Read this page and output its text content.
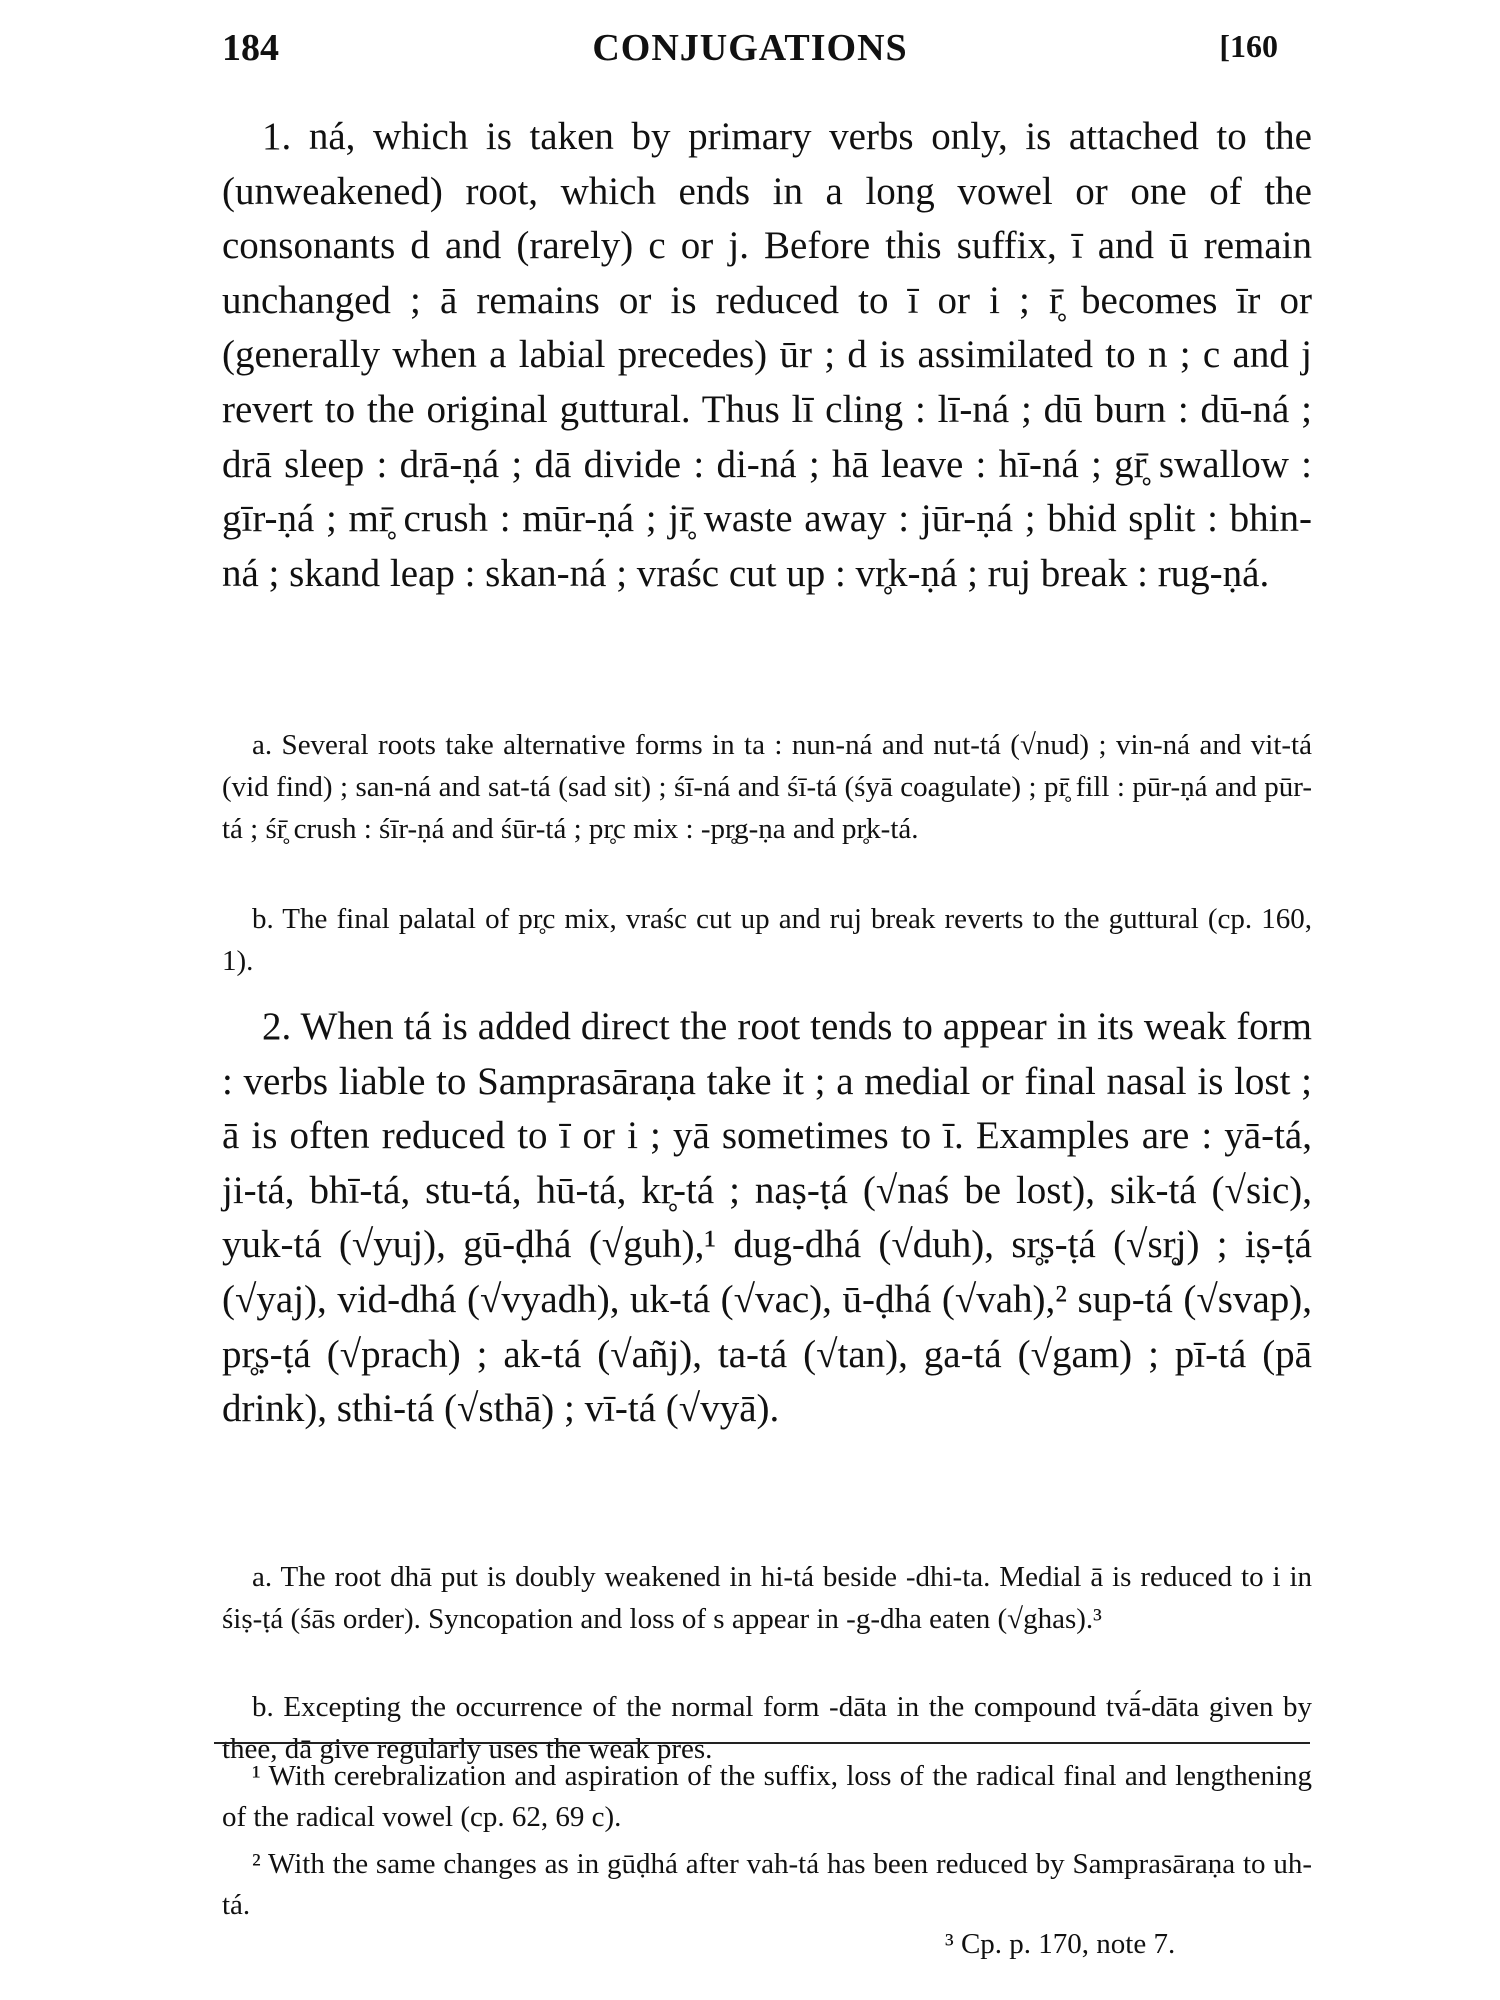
184	CONJUGATIONS	[160
1. ná, which is taken by primary verbs only, is attached to the (unweakened) root, which ends in a long vowel or one of the consonants d and (rarely) c or j. Before this suffix, ī and ū remain unchanged ; ā remains or is reduced to ī or i ; r̥̄ becomes īr or (generally when a labial precedes) ūr ; d is assimilated to n ; c and j revert to the original guttural. Thus lī cling : lī-ná ; dū burn : dū-ná ; drā sleep : drā-ṇá ; dā divide : di-ná ; hā leave : hī-ná ; gr̥̄ swallow : gīr-ṇá ; mr̥̄ crush : mūr-ṇá ; jr̥̄ waste away : jūr-ṇá ; bhid split : bhin-ná ; skand leap : skan-ná ; vraśc cut up : vr̥k-ṇá ; ruj break : rug-ṇá.
a. Several roots take alternative forms in ta : nun-ná and nut-tá (√nud) ; vin-ná and vit-tá (vid find) ; san-ná and sat-tá (sad sit) ; śī-ná and śī-tá (śyā coagulate) ; pr̥̄ fill : pūr-ṇá and pūr-tá ; śr̥̄ crush : śīr-ṇá and śūr-tá ; pr̥c mix : -pr̥g-ṇa and pr̥k-tá.
b. The final palatal of pr̥c mix, vraśc cut up and ruj break reverts to the guttural (cp. 160, 1).
2. When tá is added direct the root tends to appear in its weak form : verbs liable to Samprasāraṇa take it ; a medial or final nasal is lost ; ā is often reduced to ī or i ; yā sometimes to ī. Examples are : yā-tá, ji-tá, bhī-tá, stu-tá, hū-tá, kr̥-tá ; naṣ-ṭá (√naś be lost), sik-tá (√sic), yuk-tá (√yuj), gū-ḍhá (√guh),¹ dug-dhá (√duh), sr̥ṣ-ṭá (√sr̥j) ; iṣ-ṭá (√yaj), vid-dhá (√vyadh), uk-tá (√vac), ū-ḍhá (√vah),² sup-tá (√svap), pr̥ṣ-ṭá (√prach) ; ak-tá (√añj), ta-tá (√tan), ga-tá (√gam) ; pī-tá (pā drink), sthi-tá (√sthā) ; vī-tá (√vyā).
a. The root dhā put is doubly weakened in hi-tá beside -dhi-ta. Medial ā is reduced to i in śiṣ-ṭá (śās order). Syncopation and loss of s appear in -g-dha eaten (√ghas).³
b. Excepting the occurrence of the normal form -dāta in the compound tvā́-dāta given by thee, dā give regularly uses the weak pres.
¹ With cerebralization and aspiration of the suffix, loss of the radical final and lengthening of the radical vowel (cp. 62, 69 c).
² With the same changes as in gūḍhá after vah-tá has been reduced by Samprasāraṇa to uh-tá.
³ Cp. p. 170, note 7.
